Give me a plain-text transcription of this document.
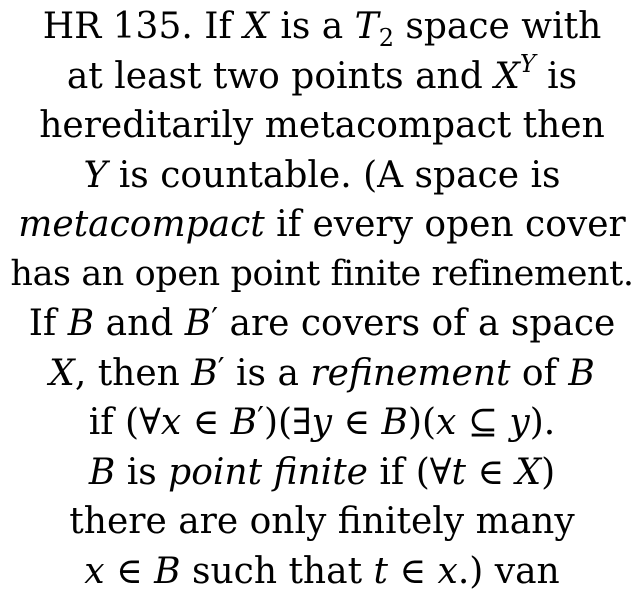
HR 135. If X is a $T_2$ space with
at least two points and $X^Y$ is
hereditarily metacompact then
Y is countable. (A space is
metacompact if every open cover
has an open point finite refinement.
If B and B′ are covers of a space
X, then B′ is a refinement of B
if (∀x ∈ B′)(∃y ∈ B)(x ⊆ y).
B is point finite if (∀t ∈ X)
there are only finitely many
x ∈ B such that t ∈ x.) van
